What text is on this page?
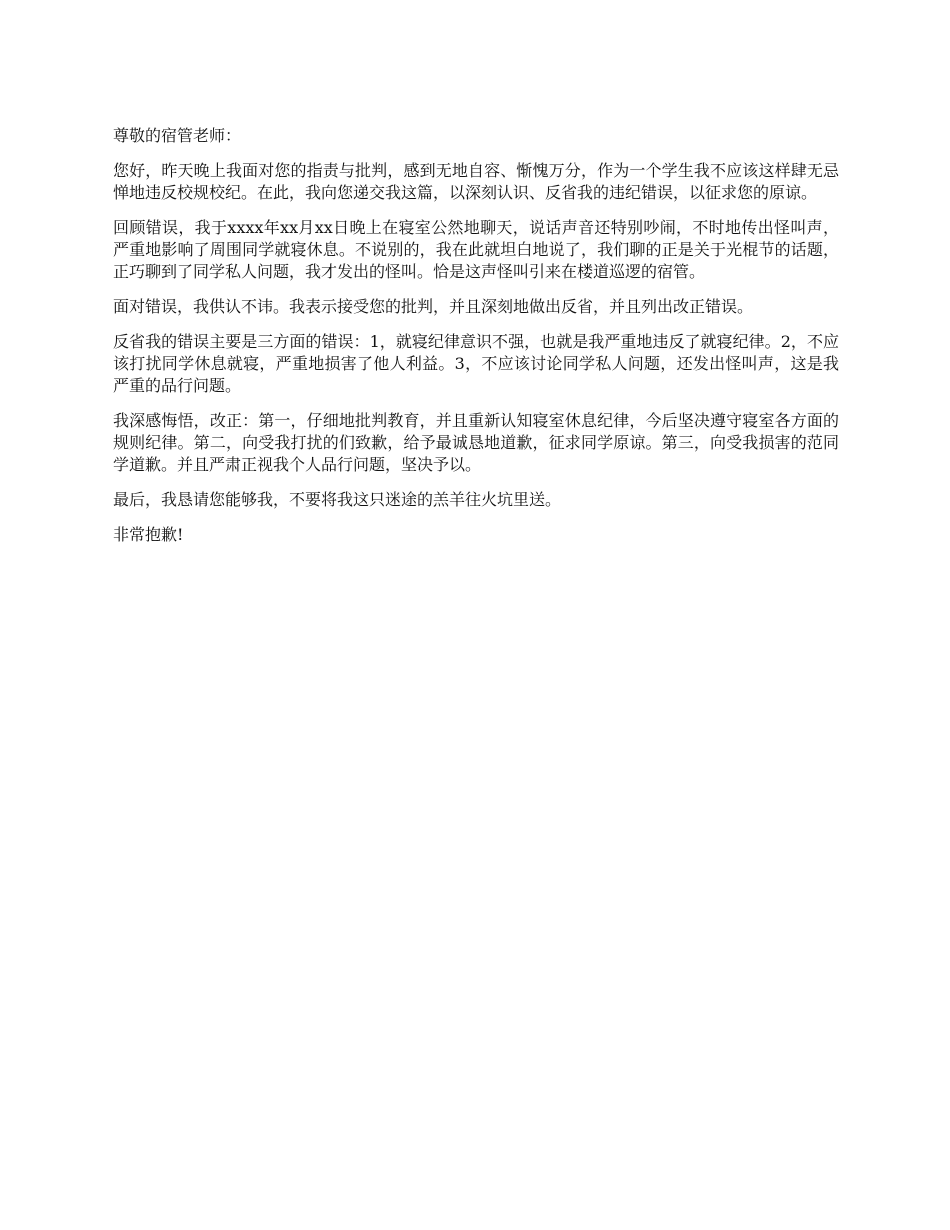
尊敬的宿管老师：

您好，昨天晚上我面对您的指责与批判，感到无地自容、惭愧万分，作为一个学生我不应该这样肆无忌惮地违反校规校纪。在此，我向您递交我这篇，以深刻认识、反省我的违纪错误，以征求您的原谅。

回顾错误，我于xxxx年xx月xx日晚上在寝室公然地聊天，说话声音还特别吵闹，不时地传出怪叫声，严重地影响了周围同学就寝休息。不说别的，我在此就坦白地说了，我们聊的正是关于光棍节的话题，正巧聊到了同学私人问题，我才发出的怪叫。恰是这声怪叫引来在楼道巡逻的宿管。

面对错误，我供认不讳。我表示接受您的批判，并且深刻地做出反省，并且列出改正错误。

反省我的错误主要是三方面的错误：1，就寝纪律意识不强，也就是我严重地违反了就寝纪律。2，不应该打扰同学休息就寝，严重地损害了他人利益。3，不应该讨论同学私人问题，还发出怪叫声，这是我严重的品行问题。

我深感悔悟，改正：第一，仔细地批判教育，并且重新认知寝室休息纪律，今后坚决遵守寝室各方面的规则纪律。第二，向受我打扰的们致歉，给予最诚恳地道歉，征求同学原谅。第三，向受我损害的范同学道歉。并且严肃正视我个人品行问题，坚决予以。

最后，我恳请您能够我，不要将我这只迷途的羔羊往火坑里送。

非常抱歉!
